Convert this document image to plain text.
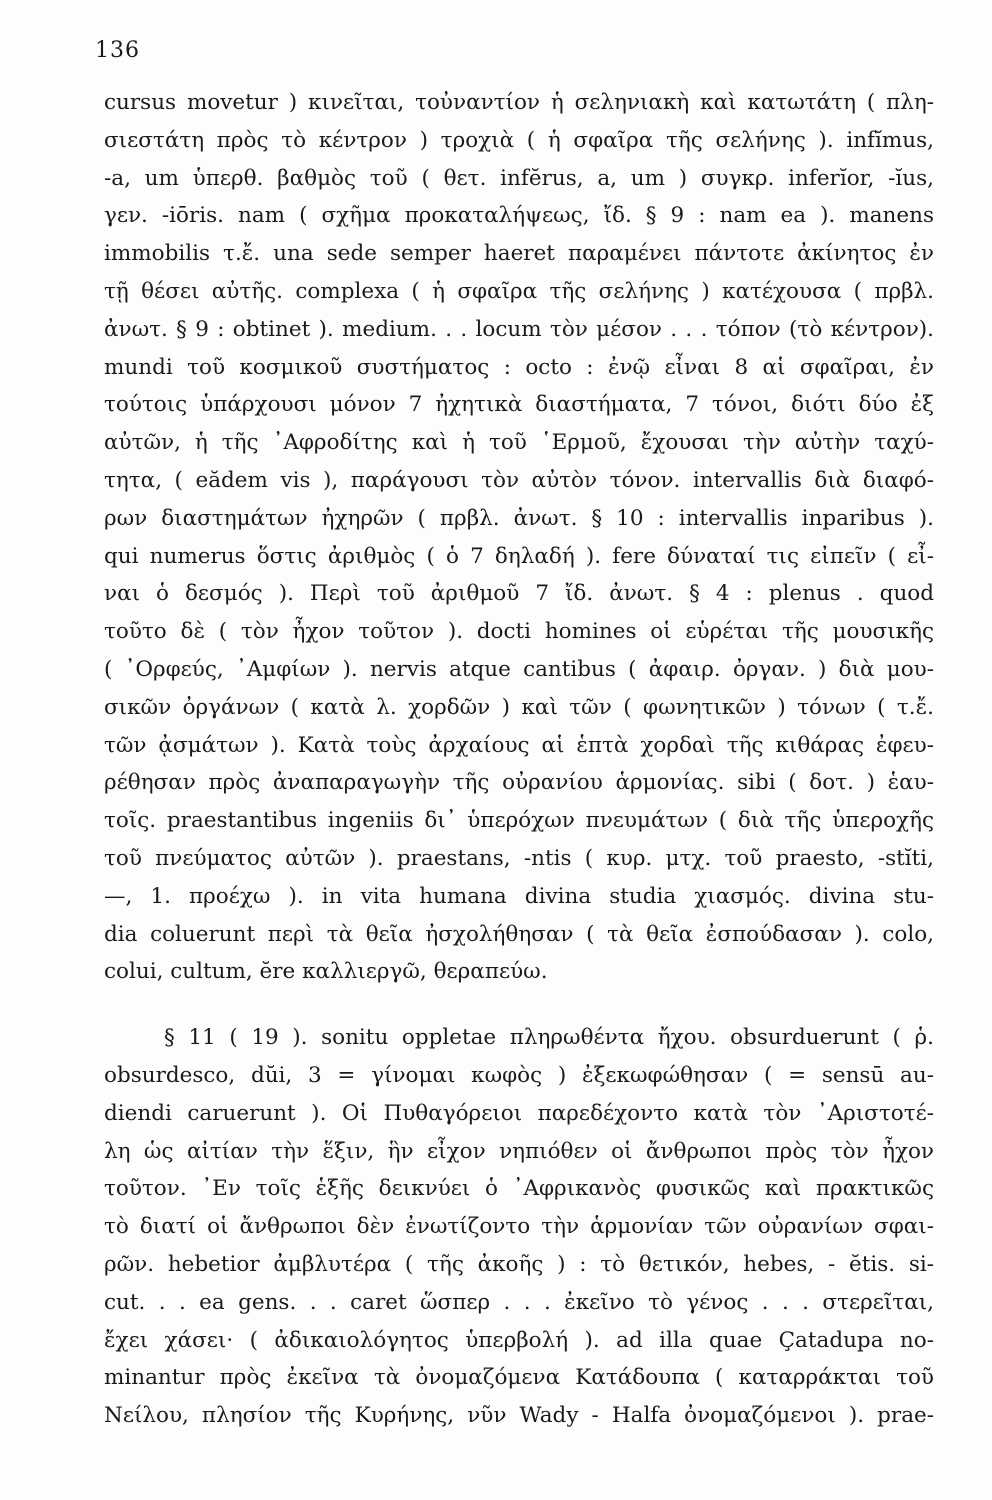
136
cursus movetur ) κινεῖται, τοὐναντίον ἡ σεληνιακὴ καὶ κατωτάτη ( πλη-
σιεστάτη πρὸς τὸ κέντρον ) τροχιὰ ( ἡ σφαῖρα τῆς σελήνης ). infĭmus,
-a, um ὑπερθ. βαθμὸς τοῦ ( θετ. infĕrus, a, um ) συγκρ. inferĭor, -ĭus,
γεν. -iōris. nam ( σχῆμα προκαταλήψεως, ἴδ. § 9 : nam ea ). manens
immobilis τ.ἔ. una sede semper haeret παραμένει πάντοτε ἀκίνητος ἐν
τῇ θέσει αὐτῆς. complexa ( ἡ σφαῖρα τῆς σελήνης ) κατέχουσα ( πρβλ.
ἀνωτ. § 9 : obtinet ). medium. . . locum τὸν μέσον . . . τόπον (τὸ κέντρον).
mundi τοῦ κοσμικοῦ συστήματος : octo : ἐνῷ εἶναι 8 αἱ σφαῖραι, ἐν
τούτοις ὑπάρχουσι μόνον 7 ἠχητικὰ διαστήματα, 7 τόνοι, διότι δύο ἐξ
αὐτῶν, ἡ τῆς ᾿Αφροδίτης καὶ ἡ τοῦ ῾Ερμοῦ, ἔχουσαι τὴν αὐτὴν ταχύ-
τητα, ( eădem vis ), παράγουσι τὸν αὐτὸν τόνον. intervallis διὰ διαφό-
ρων διαστημάτων ἠχηρῶν ( πρβλ. ἀνωτ. § 10 : intervallis inparibus ).
qui numerus ὅστις ἀριθμὸς ( ὁ 7 δηλαδή ). fere δύναταί τις εἰπεῖν ( εἶ-
ναι ὁ δεσμός ). Περὶ τοῦ ἀριθμοῦ 7 ἴδ. ἀνωτ. § 4 : plenus . quod
τοῦτο δὲ ( τὸν ἦχον τοῦτον ). docti homines οἱ εὑρέται τῆς μουσικῆς
( ᾿Ορφεύς, ᾿Αμφίων ). nervis atque cantibus ( ἀφαιρ. ὀργαν. ) διὰ μου-
σικῶν ὀργάνων ( κατὰ λ. χορδῶν ) καὶ τῶν ( φωνητικῶν ) τόνων ( τ.ἔ.
τῶν ᾀσμάτων ). Κατὰ τοὺς ἀρχαίους αἱ ἑπτὰ χορδαὶ τῆς κιθάρας ἐφευ-
ρέθησαν πρὸς ἀναπαραγωγὴν τῆς οὐρανίου ἁρμονίας. sibi ( δοτ. ) ἑαυ-
τοῖς. praestantibus ingeniis δι᾿ ὑπερόχων πνευμάτων ( διὰ τῆς ὑπεροχῆς
τοῦ πνεύματος αὐτῶν ). praestans, -ntis ( κυρ. μτχ. τοῦ praesto, -stĭti,
—, 1. προέχω ). in vita humana divina studia χιασμός. divina stu-
dia coluerunt περὶ τὰ θεῖα ἠσχολήθησαν ( τὰ θεῖα ἐσπούδασαν ). colo,
colui, cultum, ĕre καλλιεργῶ, θεραπεύω.
§ 11 ( 19 ). sonitu oppletae πληρωθέντα ἤχου. obsurduerunt ( ῥ.
obsurdesco, dŭi, 3 = γίνομαι κωφὸς ) ἐξεκωφώθησαν ( = sensū au-
diendi caruerunt ). Οἱ Πυθαγόρειοι παρεδέχοντο κατὰ τὸν ᾿Αριστοτέ-
λη ὡς αἰτίαν τὴν ἕξιν, ἣν εἶχον νηπιόθεν οἱ ἄνθρωποι πρὸς τὸν ἦχον
τοῦτον. ᾿Εν τοῖς ἑξῆς δεικνύει ὁ ᾿Αφρικανὸς φυσικῶς καὶ πρακτικῶς
τὸ διατί οἱ ἄνθρωποι δὲν ἐνωτίζοντο τὴν ἁρμονίαν τῶν οὐρανίων σφαι-
ρῶν. hebetior ἀμβλυτέρα ( τῆς ἀκοῆς ) : τὸ θετικόν, hebes, - ĕtis. si-
cut. . . ea gens. . . caret ὥσπερ . . . ἐκεῖνο τὸ γένος . . . στερεῖται,
ἔχει χάσει· ( ἀδικαιολόγητος ὑπερβολή ). ad illa quae Çatadupa no-
minantur πρὸς ἐκεῖνα τὰ ὀνομαζόμενα Κατάδουπα ( καταρράκται τοῦ
Νείλου, πλησίον τῆς Κυρήνης, νῦν Wady - Halfa ὀνομαζόμενοι ). prae-
